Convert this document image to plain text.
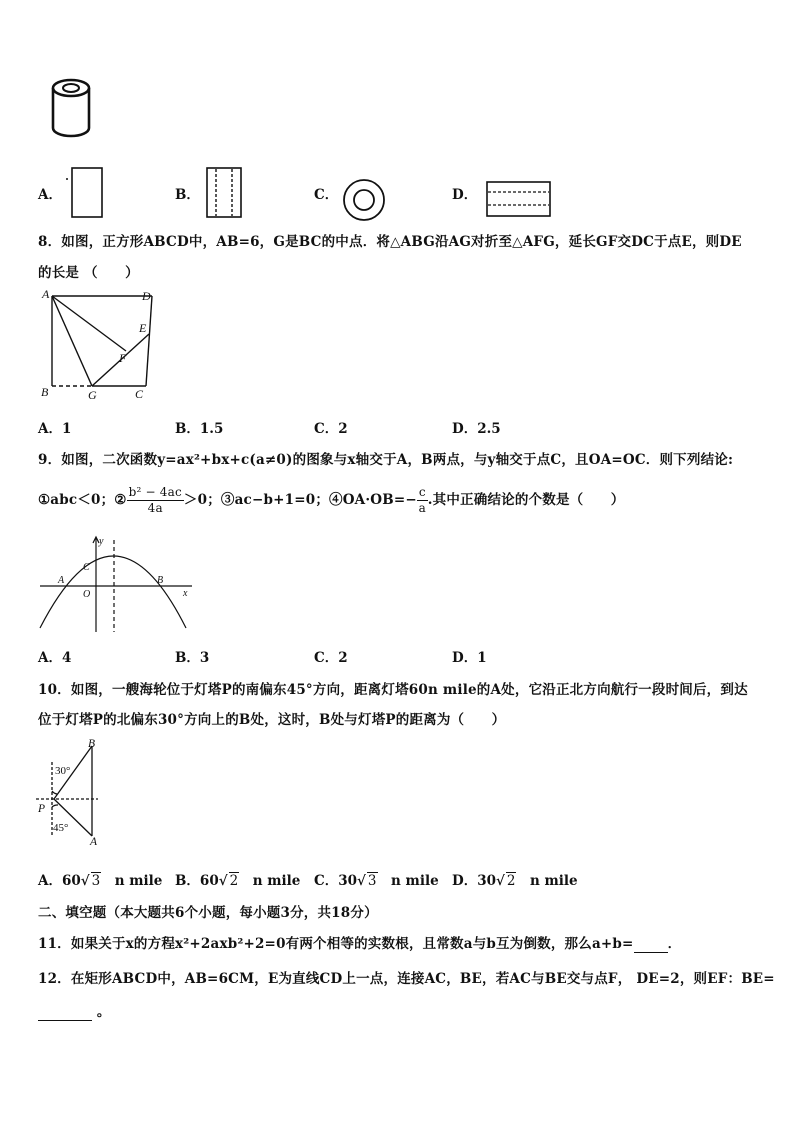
A．	B．	C．	D．
8．如图，正方形ABCD中，AB=6，G是BC的中点．将△ABG沿AG对折至△AFG，延长GF交DC于点E，则DE
的长是 （　　）
A	D
E
F
B	G	C
A．1	B．1.5	C．2	D．2.5
9．如图，二次函数y=ax²+bx+c(a≠0)的图象与x轴交于A，B两点，与y轴交于点C，且OA=OC．则下列结论:
①abc＜0；② $\frac{\text{b² − 4ac}}{4a} >0$；③ac−b+1=0；④OA·OB=− $\frac{c}{a}$ .其中正确结论的个数是（　　）
y
x
A	B
C
O
A．4	B．3	C．2	D．1
10．如图，一艘海轮位于灯塔P的南偏东45°方向，距离灯塔60n mile的A处，它沿正北方向航行一段时间后，到达
位于灯塔P的北偏东30°方向上的B处，这时，B处与灯塔P的距离为（　　）
B
P
A
30°
45°
A．60√ 3　 n mile B．60√ 2　 n mile C．30√ 3　 n mile D．30√ 2　 n mile
二、填空题（本大题共6个小题，每小题3分，共18分）
11．如果关于x的方程x²+2axb²+2=0有两个相等的实数根，且常数a与b互为倒数，那么a+b=	．
12．在矩形ABCD中，AB=6CM，E为直线CD上一点，连接AC，BE，若AC与BE交与点F， DE=2，则EF：BE=
。
